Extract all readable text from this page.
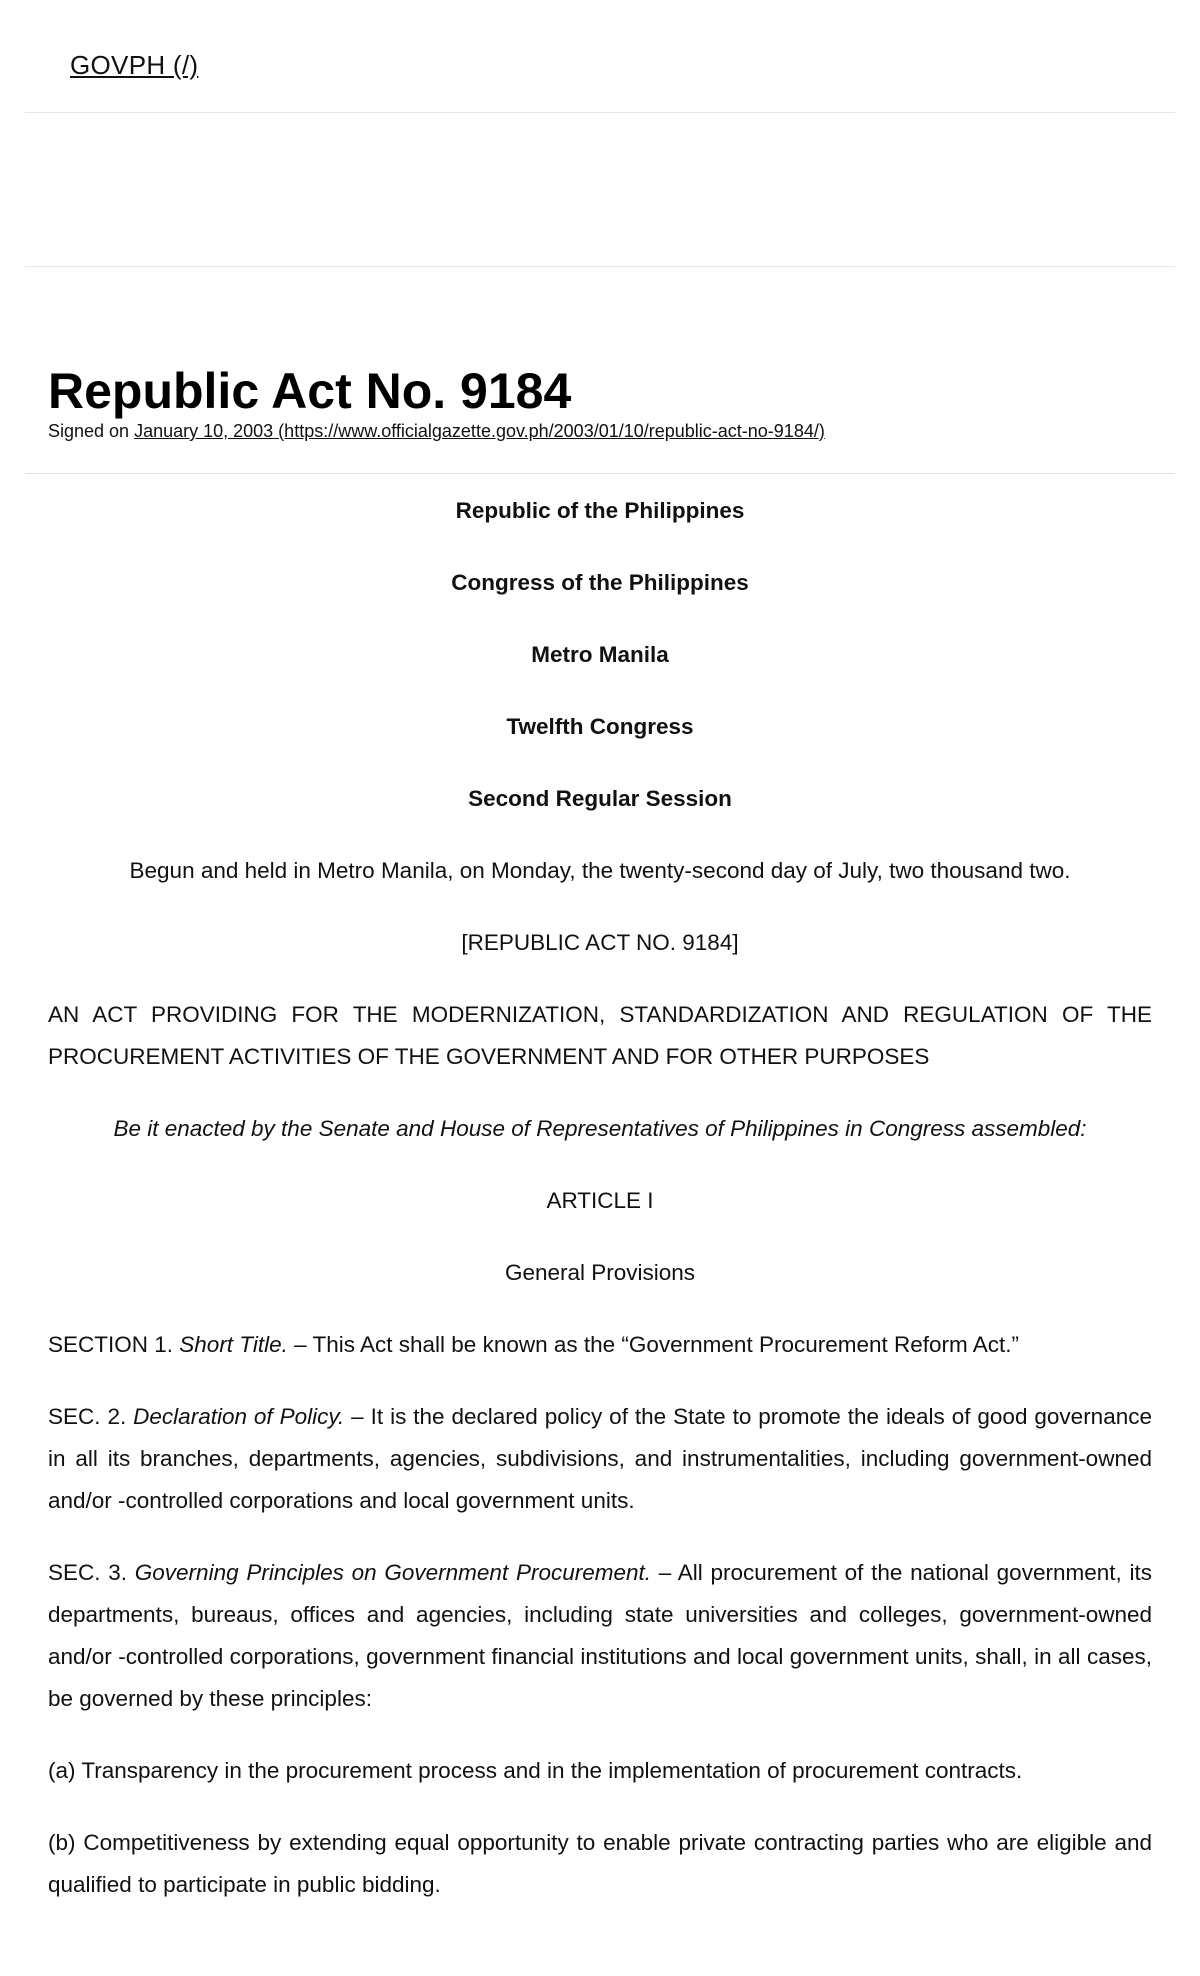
GOVPH (/)
Republic Act No. 9184
Signed on January 10, 2003 (https://www.officialgazette.gov.ph/2003/01/10/republic-act-no-9184/)

Republic of the Philippines

Congress of the Philippines

Metro Manila

Twelfth Congress

Second Regular Session

Begun and held in Metro Manila, on Monday, the twenty-second day of July, two thousand two.

[REPUBLIC ACT NO. 9184]

AN ACT PROVIDING FOR THE MODERNIZATION, STANDARDIZATION AND REGULATION OF THE PROCUREMENT ACTIVITIES OF THE GOVERNMENT AND FOR OTHER PURPOSES

Be it enacted by the Senate and House of Representatives of Philippines in Congress assembled:

ARTICLE I

General Provisions

SECTION 1. Short Title. – This Act shall be known as the “Government Procurement Reform Act.”

SEC. 2. Declaration of Policy. – It is the declared policy of the State to promote the ideals of good governance in all its branches, departments, agencies, subdivisions, and instrumentalities, including government-owned and/or -controlled corporations and local government units.

SEC. 3. Governing Principles on Government Procurement. – All procurement of the national government, its departments, bureaus, offices and agencies, including state universities and colleges, government-owned and/or -controlled corporations, government financial institutions and local government units, shall, in all cases, be governed by these principles:

(a) Transparency in the procurement process and in the implementation of procurement contracts.

(b) Competitiveness by extending equal opportunity to enable private contracting parties who are eligible and qualified to participate in public bidding.
